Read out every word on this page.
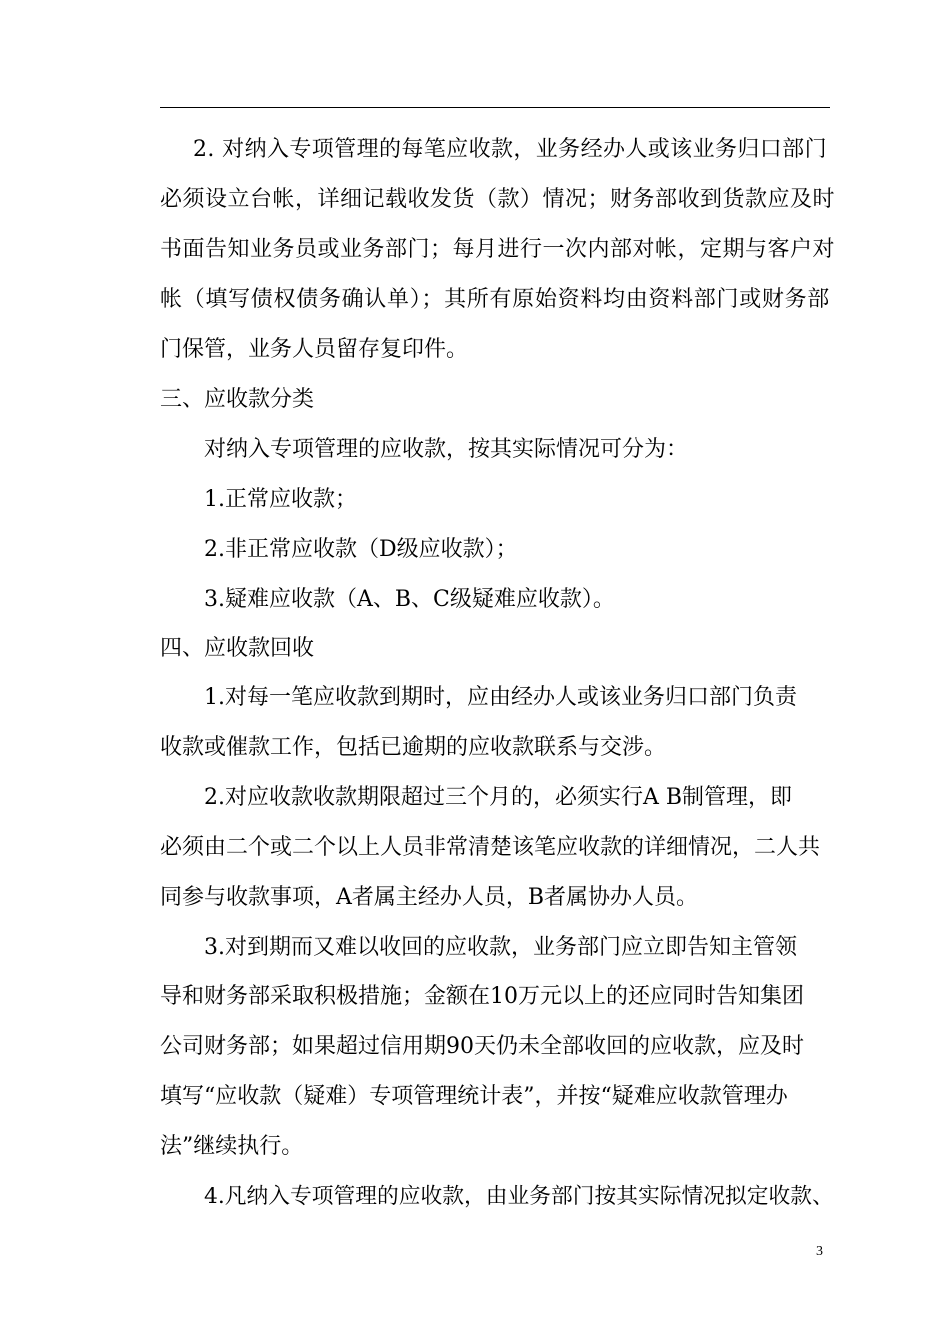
2. 对纳入专项管理的每笔应收款，业务经办人或该业务归口部门
必须设立台帐，详细记载收发货（款）情况；财务部收到货款应及时
书面告知业务员或业务部门；每月进行一次内部对帐，定期与客户对
帐（填写债权债务确认单）；其所有原始资料均由资料部门或财务部
门保管，业务人员留存复印件。
三、应收款分类
对纳入专项管理的应收款，按其实际情况可分为：
1.正常应收款；
2.非正常应收款（D级应收款）；
3.疑难应收款（A、B、C级疑难应收款）。
四、应收款回收
1.对每一笔应收款到期时，应由经办人或该业务归口部门负责
收款或催款工作，包括已逾期的应收款联系与交涉。
2.对应收款收款期限超过三个月的，必须实行A B制管理，即
必须由二个或二个以上人员非常清楚该笔应收款的详细情况，二人共
同参与收款事项，A者属主经办人员，B者属协办人员。
3.对到期而又难以收回的应收款，业务部门应立即告知主管领
导和财务部采取积极措施；金额在10万元以上的还应同时告知集团
公司财务部；如果超过信用期90天仍未全部收回的应收款，应及时
填写“应收款（疑难）专项管理统计表”，并按“疑难应收款管理办
法”继续执行。
4.凡纳入专项管理的应收款，由业务部门按其实际情况拟定收款、
3
